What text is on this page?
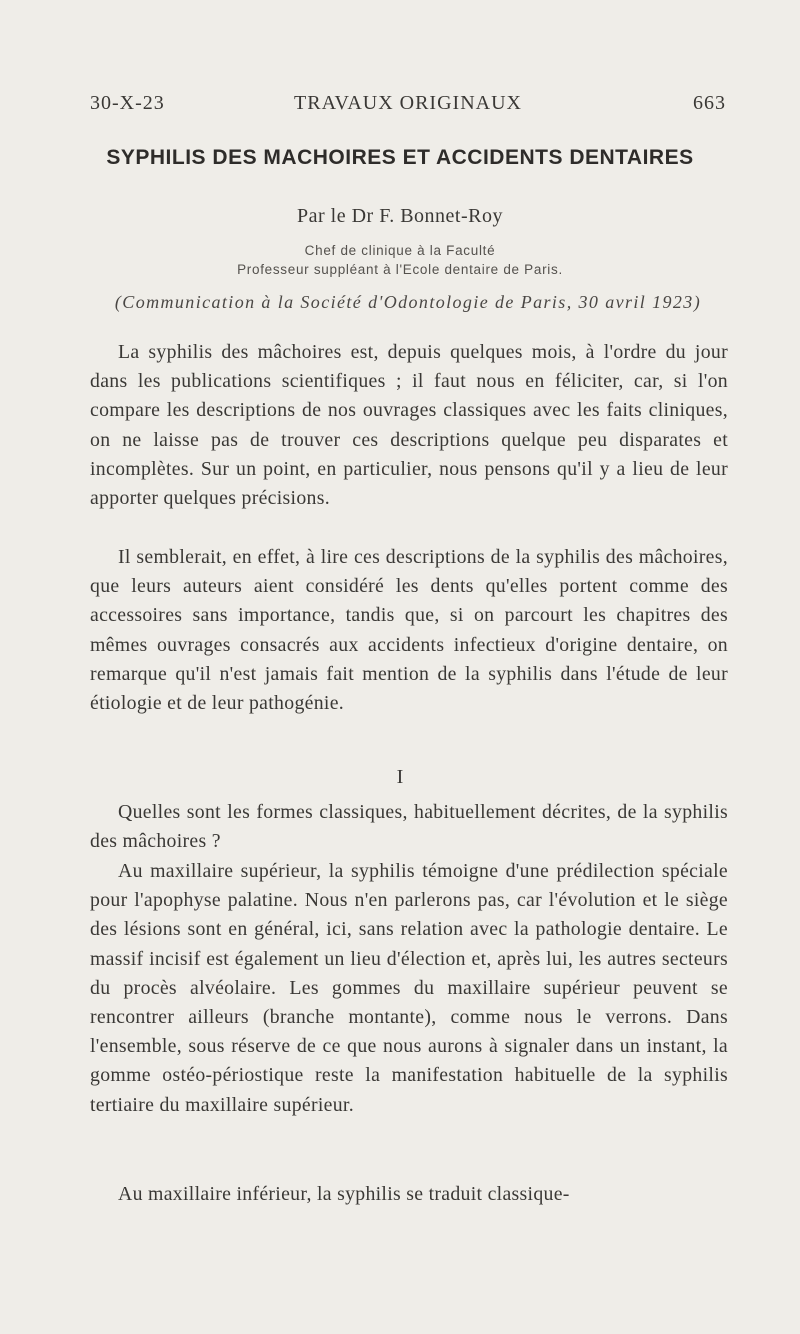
30-X-23	TRAVAUX ORIGINAUX	663
SYPHILIS DES MACHOIRES ET ACCIDENTS DENTAIRES
Par le Dr F. Bonnet-Roy
Chef de clinique à la Faculté
Professeur suppléant à l'Ecole dentaire de Paris.
(Communication à la Société d'Odontologie de Paris, 30 avril 1923)

La syphilis des mâchoires est, depuis quelques mois, à l'ordre du jour dans les publications scientifiques ; il faut nous en féliciter, car, si l'on compare les descriptions de nos ouvrages classiques avec les faits cliniques, on ne laisse pas de trouver ces descriptions quelque peu disparates et incomplètes. Sur un point, en particulier, nous pensons qu'il y a lieu de leur apporter quelques précisions.

Il semblerait, en effet, à lire ces descriptions de la syphilis des mâchoires, que leurs auteurs aient considéré les dents qu'elles portent comme des accessoires sans importance, tandis que, si on parcourt les chapitres des mêmes ouvrages consacrés aux accidents infectieux d'origine dentaire, on remarque qu'il n'est jamais fait mention de la syphilis dans l'étude de leur étiologie et de leur pathogénie.

I

Quelles sont les formes classiques, habituellement décrites, de la syphilis des mâchoires ?

Au maxillaire supérieur, la syphilis témoigne d'une prédilection spéciale pour l'apophyse palatine. Nous n'en parlerons pas, car l'évolution et le siège des lésions sont en général, ici, sans relation avec la pathologie dentaire. Le massif incisif est également un lieu d'élection et, après lui, les autres secteurs du procès alvéolaire. Les gommes du maxillaire supérieur peuvent se rencontrer ailleurs (branche montante), comme nous le verrons. Dans l'ensemble, sous réserve de ce que nous aurons à signaler dans un instant, la gomme ostéo-périostique reste la manifestation habituelle de la syphilis tertiaire du maxillaire supérieur.

Au maxillaire inférieur, la syphilis se traduit classique-
